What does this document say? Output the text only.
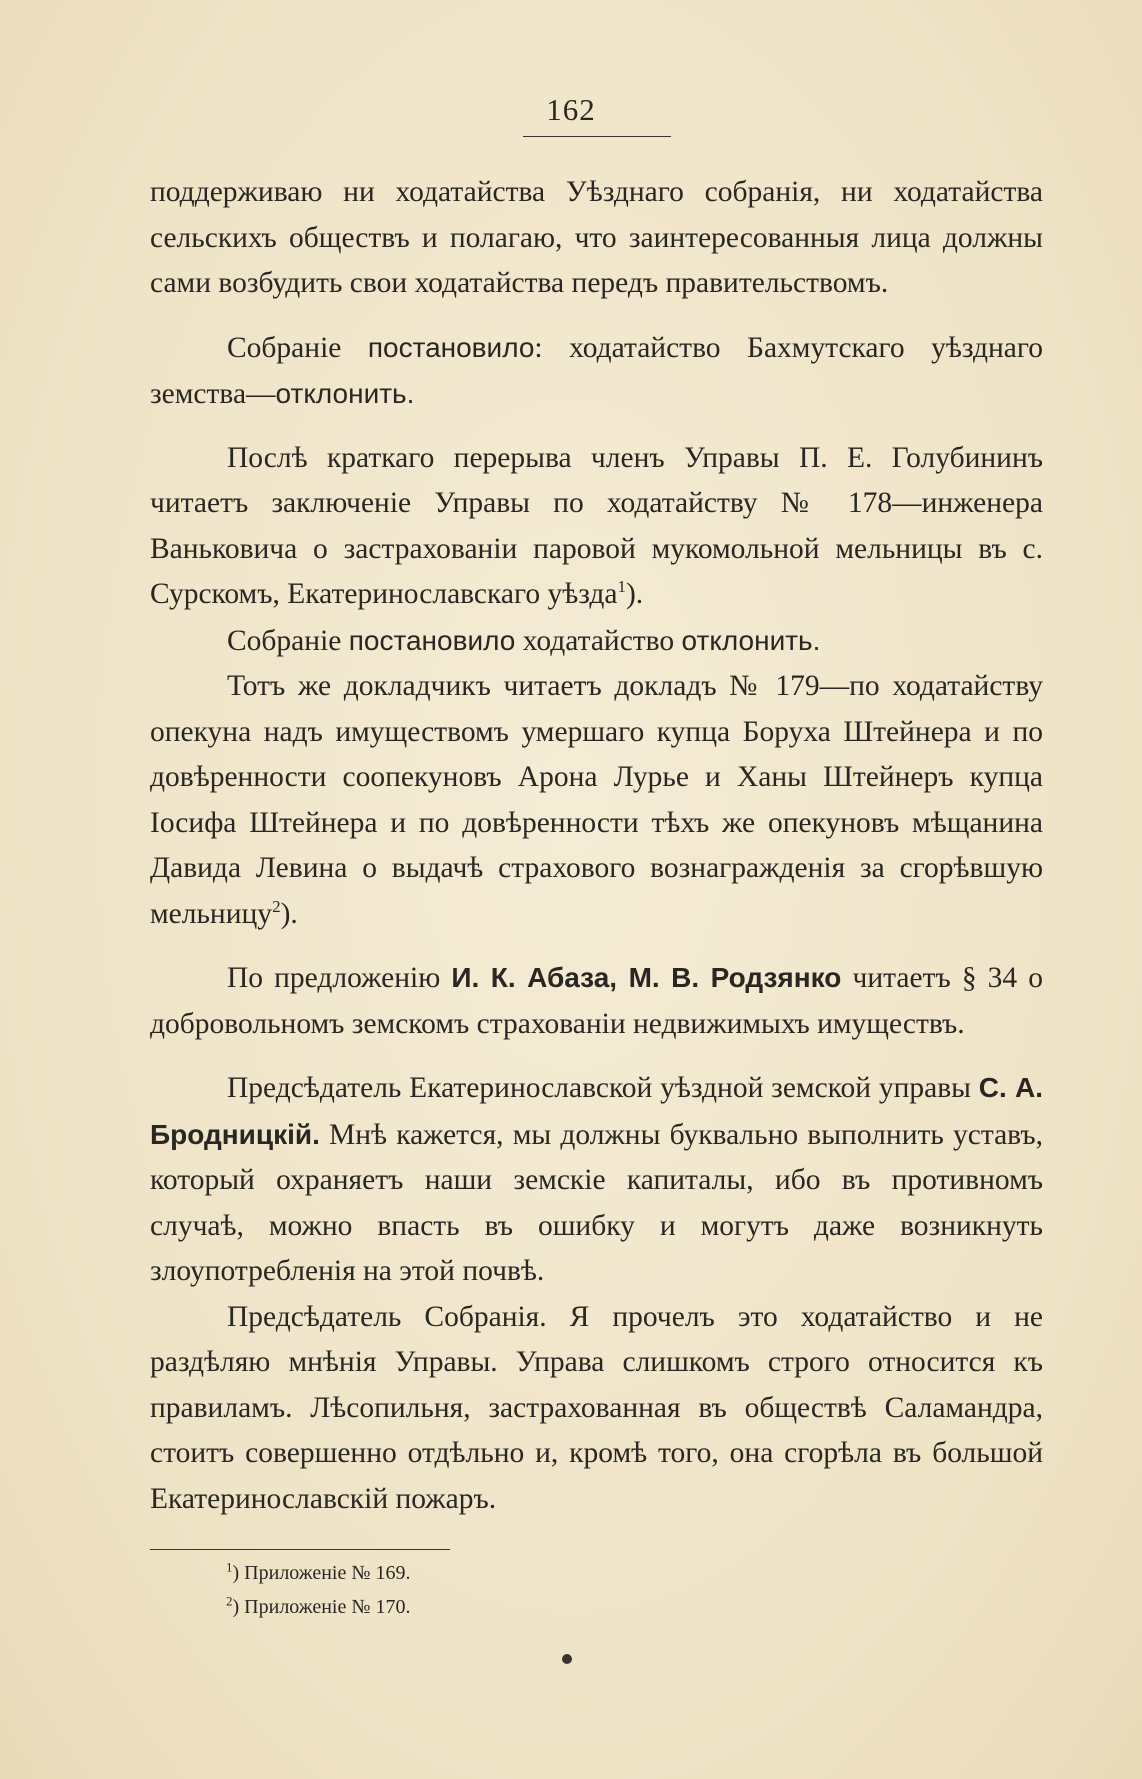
162

поддерживаю ни ходатайства Уѣзднаго собранія, ни ходатайства сельскихъ обществъ и полагаю, что заинтересованныя лица должны сами возбудить свои ходатайства передъ правительствомъ.

Собраніе постановило: ходатайство Бахмутскаго уѣзднаго земства—отклонить.

Послѣ краткаго перерыва членъ Управы П. Е. Голубининъ читаетъ заключеніе Управы по ходатайству № 178—инженера Ваньковича о застрахованіи паровой мукомольной мельницы въ с. Сурскомъ, Екатеринославскаго уѣзда$^1$).

Собраніе постановило ходатайство отклонить.

Тотъ же докладчикъ читаетъ докладъ № 179—по ходатайству опекуна надъ имуществомъ умершаго купца Боруха Штейнера и по довѣренности соопекуновъ Арона Лурье и Ханы Штейнеръ купца Іосифа Штейнера и по довѣренности тѣхъ же опекуновъ мѣщанина Давида Левина о выдачѣ страхового вознагражденія за сгорѣвшую мельницу$^2$).

По предложенію И. К. Абаза, М. В. Родзянко читаетъ § 34 о добровольномъ земскомъ страхованіи недвижимыхъ имуществъ.

Предсѣдатель Екатеринославской уѣздной земской управы С. А. Бродницкій. Мнѣ кажется, мы должны буквально выполнить уставъ, который охраняетъ наши земскіе капиталы, ибо въ противномъ случаѣ, можно впасть въ ошибку и могутъ даже возникнуть злоупотребленія на этой почвѣ.

Предсѣдатель Собранія. Я прочелъ это ходатайство и не раздѣляю мнѣнія Управы. Управа слишкомъ строго относится къ правиламъ. Лѣсопильня, застрахованная въ обществѣ Саламандра, стоитъ совершенно отдѣльно и, кромѣ того, она сгорѣла въ большой Екатеринославскій пожаръ.

$^1$) Приложеніе № 169.
$^2$) Приложеніе № 170.
